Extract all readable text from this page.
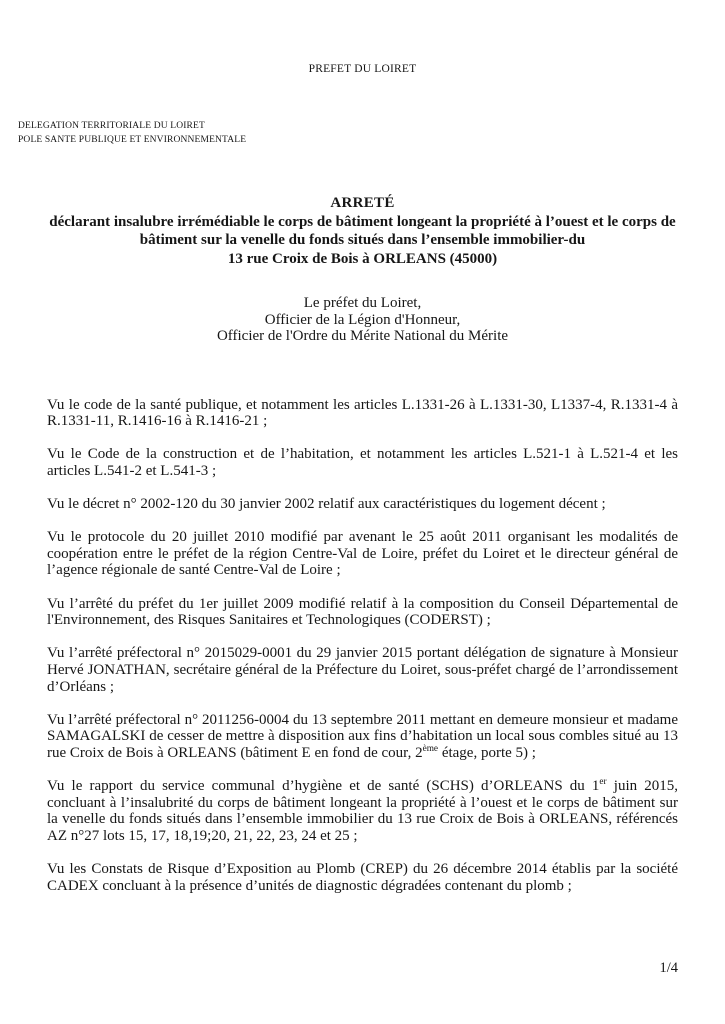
PREFET DU LOIRET
DELEGATION TERRITORIALE DU LOIRET
POLE SANTE PUBLIQUE ET ENVIRONNEMENTALE
ARRETÉ
déclarant insalubre irrémédiable le corps de bâtiment longeant la propriété à l’ouest et le corps de
bâtiment sur la venelle du fonds situés dans l’ensemble immobilier-du
13 rue Croix de Bois à ORLEANS (45000)
Le préfet du Loiret,
Officier de la Légion d'Honneur,
Officier de l'Ordre du Mérite National du Mérite

Vu le code de la santé publique, et notamment les articles L.1331-26 à L.1331-30, L1337-4, R.1331-4 à R.1331-11, R.1416-16 à R.1416-21 ;

Vu le Code de la construction et de l’habitation, et notamment les articles L.521-1 à L.521-4 et les articles L.541-2 et L.541-3 ;

Vu le décret n° 2002-120 du 30 janvier 2002 relatif aux caractéristiques du logement décent ;

Vu le protocole du 20 juillet 2010 modifié par avenant le 25 août 2011 organisant les modalités de coopération entre le préfet de la région Centre-Val de Loire, préfet du Loiret et le directeur général de l’agence régionale de santé Centre-Val de Loire ;

Vu l’arrêté du préfet du 1er juillet 2009 modifié relatif à la composition du Conseil Départemental de l'Environnement, des Risques Sanitaires et Technologiques (CODERST) ;

Vu l’arrêté préfectoral n° 2015029-0001 du 29 janvier 2015 portant délégation de signature à Monsieur Hervé JONATHAN, secrétaire général de la Préfecture du Loiret, sous-préfet chargé de l’arrondissement d’Orléans ;

Vu l’arrêté préfectoral n° 2011256-0004 du 13 septembre 2011 mettant en demeure monsieur et madame SAMAGALSKI de cesser de mettre à disposition aux fins d’habitation un local sous combles situé au 13 rue Croix de Bois à ORLEANS (bâtiment E en fond de cour, 2ème étage, porte 5) ;

Vu le rapport du service communal d’hygiène et de santé (SCHS) d’ORLEANS du 1er juin 2015, concluant à l’insalubrité du corps de bâtiment longeant la propriété à l’ouest et le corps de bâtiment sur la venelle du fonds situés dans l’ensemble immobilier du 13 rue Croix de Bois à ORLEANS, référencés AZ n°27 lots 15, 17, 18,19;20, 21, 22, 23, 24 et 25 ;

Vu les Constats de Risque d’Exposition au Plomb (CREP) du 26 décembre 2014 établis par la société CADEX concluant à la présence d’unités de diagnostic dégradées contenant du plomb ;

1/4
